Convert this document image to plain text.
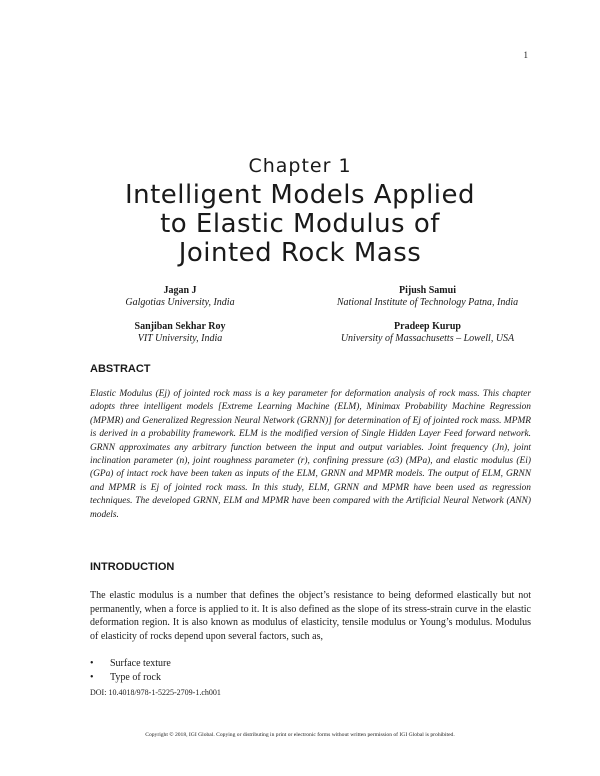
1
Chapter 1
Intelligent Models Applied
to Elastic Modulus of
Jointed Rock Mass
Jagan J
Galgotias University, India
Pijush Samui
National Institute of Technology Patna, India
Sanjiban Sekhar Roy
VIT University, India
Pradeep Kurup
University of Massachusetts – Lowell, USA
ABSTRACT
Elastic Modulus (Ej) of jointed rock mass is a key parameter for deformation analysis of rock mass. This chapter adopts three intelligent models [Extreme Learning Machine (ELM), Minimax Probability Machine Regression (MPMR) and Generalized Regression Neural Network (GRNN)] for determination of Ej of jointed rock mass. MPMR is derived in a probability framework. ELM is the modified version of Single Hidden Layer Feed forward network. GRNN approximates any arbitrary function between the input and output variables. Joint frequency (Jn), joint inclination parameter (n), joint roughness parameter (r), confining pressure (σ3) (MPa), and elastic modulus (Ei) (GPa) of intact rock have been taken as inputs of the ELM, GRNN and MPMR models. The output of ELM, GRNN and MPMR is Ej of jointed rock mass. In this study, ELM, GRNN and MPMR have been used as regression techniques. The developed GRNN, ELM and MPMR have been compared with the Artificial Neural Network (ANN) models.
INTRODUCTION
The elastic modulus is a number that defines the object’s resistance to being deformed elastically but not permanently, when a force is applied to it. It is also defined as the slope of its stress-strain curve in the elastic deformation region. It is also known as modulus of elasticity, tensile modulus or Young’s modulus. Modulus of elasticity of rocks depend upon several factors, such as,
• Surface texture
• Type of rock
DOI: 10.4018/978-1-5225-2709-1.ch001
Copyright © 2018, IGI Global. Copying or distributing in print or electronic forms without written permission of IGI Global is prohibited.
